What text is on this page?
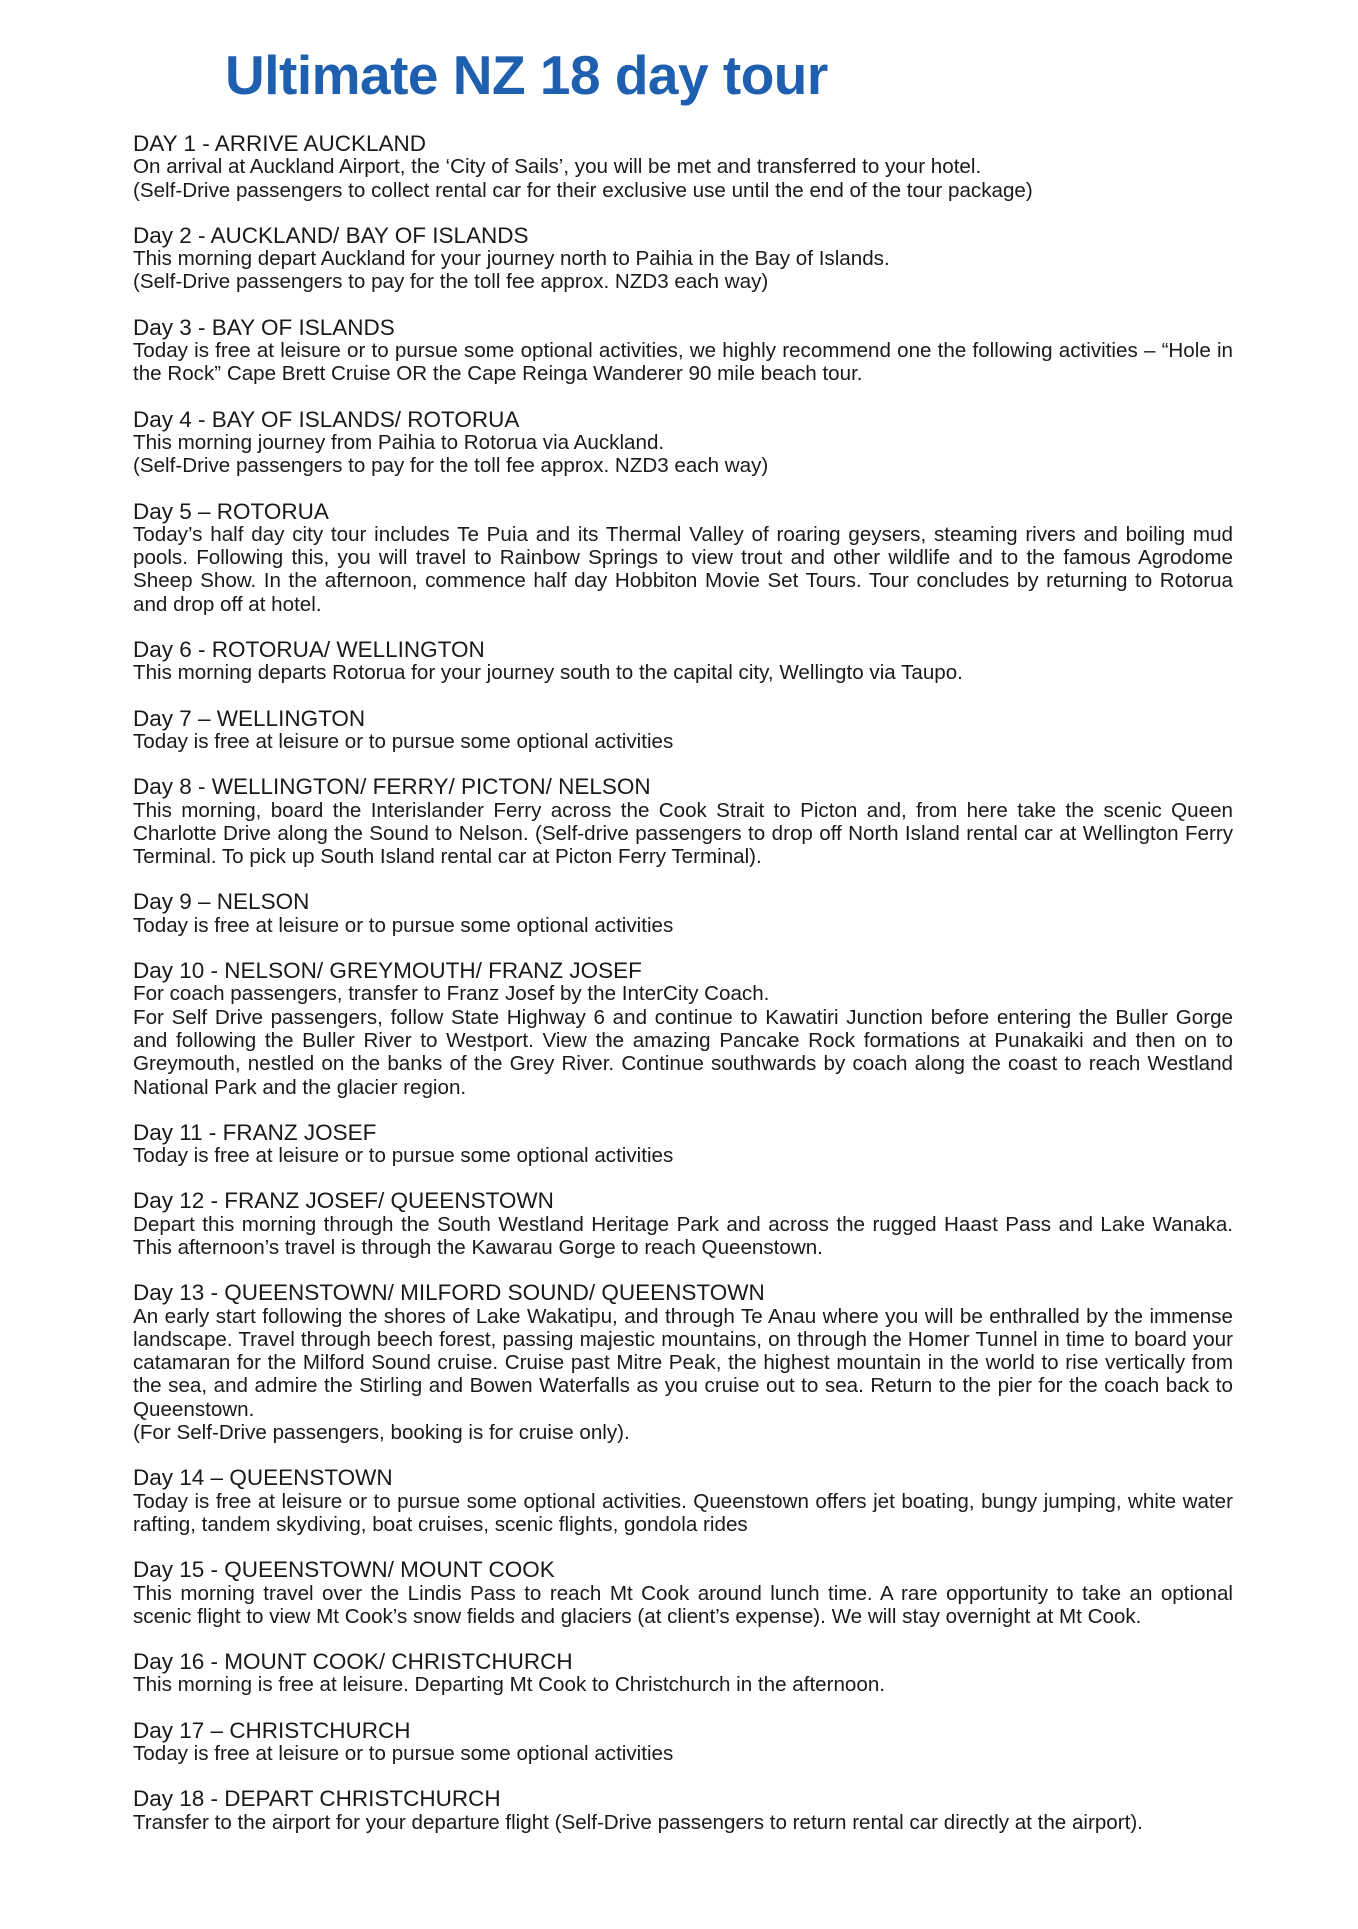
Ultimate NZ 18 day tour
DAY 1 - ARRIVE AUCKLAND

On arrival at Auckland Airport, the ‘City of Sails’, you will be met and transferred to your hotel.
(Self-Drive passengers to collect rental car for their exclusive use until the end of the tour package)

Day 2 - AUCKLAND/ BAY OF ISLANDS

This morning depart Auckland for your journey north to Paihia in the Bay of Islands.
(Self-Drive passengers to pay for the toll fee approx. NZD3 each way)

Day 3 - BAY OF ISLANDS

Today is free at leisure or to pursue some optional activities, we highly recommend one the following activities – “Hole in the Rock” Cape Brett Cruise OR the Cape Reinga Wanderer 90 mile beach tour.

Day 4 - BAY OF ISLANDS/ ROTORUA

This morning journey from Paihia to Rotorua via Auckland.
(Self-Drive passengers to pay for the toll fee approx. NZD3 each way)

Day 5 – ROTORUA

Today’s half day city tour includes Te Puia and its Thermal Valley of roaring geysers, steaming rivers and boiling mud pools. Following this, you will travel to Rainbow Springs to view trout and other wildlife and to the famous Agrodome Sheep Show. In the afternoon, commence half day Hobbiton Movie Set Tours. Tour concludes by returning to Rotorua and drop off at hotel.

Day 6 - ROTORUA/ WELLINGTON

This morning departs Rotorua for your journey south to the capital city, Wellingto via Taupo.

Day 7 – WELLINGTON

Today is free at leisure or to pursue some optional activities

Day 8 - WELLINGTON/ FERRY/ PICTON/ NELSON

This morning, board the Interislander Ferry across the Cook Strait to Picton and, from here take the scenic Queen Charlotte Drive along the Sound to Nelson. (Self-drive passengers to drop off North Island rental car at Wellington Ferry Terminal. To pick up South Island rental car at Picton Ferry Terminal).

Day 9 – NELSON

Today is free at leisure or to pursue some optional activities

Day 10 - NELSON/ GREYMOUTH/ FRANZ JOSEF

For coach passengers, transfer to Franz Josef by the InterCity Coach.
For Self Drive passengers, follow State Highway 6 and continue to Kawatiri Junction before entering the Buller Gorge and following the Buller River to Westport. View the amazing Pancake Rock formations at Punakaiki and then on to Greymouth, nestled on the banks of the Grey River. Continue southwards by coach along the coast to reach Westland National Park and the glacier region.

Day 11 - FRANZ JOSEF

Today is free at leisure or to pursue some optional activities

Day 12 - FRANZ JOSEF/ QUEENSTOWN

Depart this morning through the South Westland Heritage Park and across the rugged Haast Pass and Lake Wanaka. This afternoon’s travel is through the Kawarau Gorge to reach Queenstown.

Day 13 - QUEENSTOWN/ MILFORD SOUND/ QUEENSTOWN

An early start following the shores of Lake Wakatipu, and through Te Anau where you will be enthralled by the immense landscape. Travel through beech forest, passing majestic mountains, on through the Homer Tunnel in time to board your catamaran for the Milford Sound cruise. Cruise past Mitre Peak, the highest mountain in the world to rise vertically from the sea, and admire the Stirling and Bowen Waterfalls as you cruise out to sea. Return to the pier for the coach back to Queenstown.
(For Self-Drive passengers, booking is for cruise only).

Day 14 – QUEENSTOWN

Today is free at leisure or to pursue some optional activities. Queenstown offers jet boating, bungy jumping, white water rafting, tandem skydiving, boat cruises, scenic flights, gondola rides

Day 15 - QUEENSTOWN/ MOUNT COOK

This morning travel over the Lindis Pass to reach Mt Cook around lunch time. A rare opportunity to take an optional scenic flight to view Mt Cook’s snow fields and glaciers (at client’s expense). We will stay overnight at Mt Cook.

Day 16 - MOUNT COOK/ CHRISTCHURCH

This morning is free at leisure. Departing Mt Cook to Christchurch in the afternoon.

Day 17 – CHRISTCHURCH

Today is free at leisure or to pursue some optional activities

Day 18 - DEPART CHRISTCHURCH

Transfer to the airport for your departure flight (Self-Drive passengers to return rental car directly at the airport).
